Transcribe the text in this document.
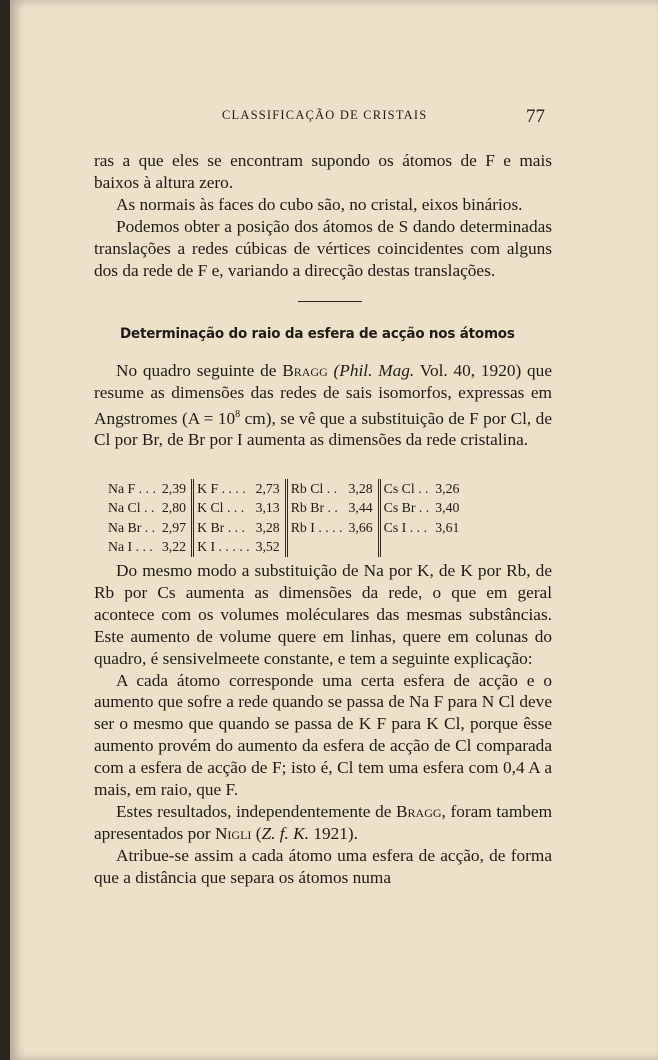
CLASSIFICAÇÃO DE CRISTAIS	77

ras a que eles se encontram supondo os átomos de F e mais baixos à altura zero.

As normais às faces do cubo são, no cristal, eixos binários.

Podemos obter a posição dos átomos de S dando determinadas translações a redes cúbicas de vértices coincidentes com alguns dos da rede de F e, variando a direcção destas translações.

Determinação do raio da esfera de acção nos átomos

No quadro seguinte de Bragg (Phil. Mag. Vol. 40, 1920) que resume as dimensões das redes de sais isomorfos, expressas em Angstromes ($A = 10^8$ cm), se vê que a substituição de F por Cl, de Cl por Br, de Br por I aumenta as dimensões da rede cristalina.

Na F . . .	2,39	K F . . . .	2,73	Rb Cl . .	3,28	Cs Cl . .	3,26
Na Cl . .	2,80	K Cl . . .	3,13	Rb Br . .	3,44	Cs Br . .	3,40
Na Br . .	2,97	K Br . . .	3,28	Rb I . . . .	3,66	Cs I . . .	3,61
Na I . . .	3,22	K I . . . . .	3,52				

Do mesmo modo a substituição de Na por K, de K por Rb, de Rb por Cs aumenta as dimensões da rede, o que em geral acontece com os volumes moléculares das mesmas substâncias. Este aumento de volume quere em linhas, quere em colunas do quadro, é sensivelmeete constante, e tem a seguinte explicação:

A cada átomo corresponde uma certa esfera de acção e o aumento que sofre a rede quando se passa de Na F para N Cl deve ser o mesmo que quando se passa de K F para K Cl, porque êsse aumento provém do aumento da esfera de acção de Cl comparada com a esfera de acção de F; isto é, Cl tem uma esfera com 0,4 A a mais, em raio, que F.

Estes resultados, independentemente de Bragg, foram tambem apresentados por Nigli (Z. f. K. 1921).

Atribue-se assim a cada átomo uma esfera de acção, de forma que a distância que separa os átomos numa
